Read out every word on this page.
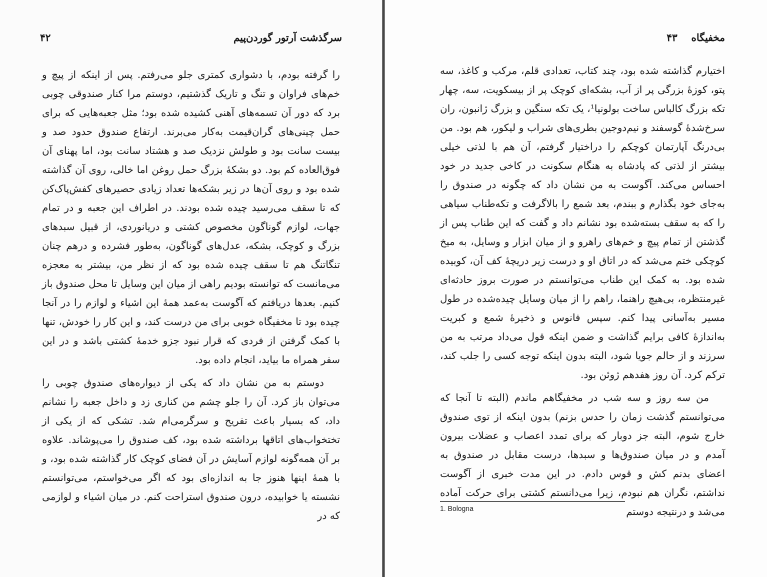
سرگذشت آرتور گوردن‌پیم
۴۲

را گرفته بودم، با دشواری کمتری جلو می‌رفتم. پس از اینکه از پیچ و خم‌های فراوان و تنگ و تاریک گذشتیم، دوستم مرا کنار صندوقی چوبی برد که دور آن تسمه‌های آهنی کشیده شده بود؛ مثل جعبه‌هایی که برای حمل چینی‌های گران‌قیمت به‌کار می‌برند. ارتفاع صندوق حدود صد و بیست سانت بود و طولش نزدیک صد و هشتاد سانت بود، اما پهنای آن فوق‌العاده کم بود. دو بشکهٔ بزرگ حمل روغن اما خالی، روی آن گذاشته شده بود و روی آن‌ها در زیر بشکه‌ها تعداد زیادی حصیرهای کفش‌پاک‌کن که تا سقف می‌رسید چیده شده بودند. در اطراف این جعبه و در تمام جهات، لوازم گوناگون مخصوص کشتی و دریانوردی، از قبیل سبدهای بزرگ و کوچک، بشکه، عدل‌های گوناگون، به‌طور فشرده و درهم چنان تنگاتنگ هم تا سقف چیده شده بود که از نظر من، بیشتر به معجزه می‌مانست که توانسته بودیم راهی از میان این وسایل تا محل صندوق باز کنیم. بعدها دریافتم که آگوست به‌عمد همهٔ این اشیاء و لوازم را در آنجا چیده بود تا مخفیگاه خوبی برای من درست کند، و این کار را خودش، تنها با کمک گرفتن از فردی که قرار نبود جزو خدمهٔ کشتی باشد و در این سفر همراه ما بیاید، انجام داده بود.

دوستم به من نشان داد که یکی از دیواره‌های صندوق چوبی را می‌توان باز کرد. آن را جلو چشم من کناری زد و داخل جعبه را نشانم داد، که بسیار باعث تفریح و سرگرمی‌ام شد. تشکی که از یکی از تختخواب‌های اتاقها برداشته شده بود، کف صندوق را می‌پوشاند. علاوه بر آن همه‌گونه لوازم آسایش در آن فضای کوچک کار گذاشته شده بود، و با همهٔ اینها هنوز جا به اندازه‌ای بود که اگر می‌خواستم، می‌توانستم نشسته یا خوابیده، درون صندوق استراحت کنم. در میان اشیاء و لوازمی که در

مخفیگاه    ۴۳

اختیارم گذاشته شده بود، چند کتاب، تعدادی قلم، مرکب و کاغذ، سه پتو، کوزهٔ بزرگی پر از آب، بشکه‌ای کوچک پر از بیسکویت، سه، چهار تکه بزرگ کالباس ساخت بولونیا¹، یک تکه سنگین و بزرگ ژانبون، ران سرخ‌شدهٔ گوسفند و نیم‌دوجین بطری‌های شراب و لیکور، هم بود. من بی‌درنگ آپارتمان کوچکم را دراختیار گرفتم، آن هم با لذتی خیلی بیشتر از لذتی که پادشاه به هنگام سکونت در کاخی جدید در خود احساس می‌کند. آگوست به من نشان داد که چگونه در صندوق را به‌جای خود بگذارم و ببندم، بعد شمع را بالاگرفت و تکه‌طناب سیاهی را که به سقف بسته‌شده بود نشانم داد و گفت که این طناب پس از گذشتن از تمام پیچ و خم‌های راهرو و از میان ابزار و وسایل، به میخ کوچکی ختم می‌شد که در اتاق او و درست زیر دریچهٔ کف آن، کوبیده شده بود. به کمک این طناب می‌توانستم در صورت بروز حادثه‌ای غیرمنتظره، بی‌هیچ راهنما، راهم را از میان وسایل چیده‌شده در طول مسیر به‌آسانی پیدا کنم. سپس فانوس و ذخیرهٔ شمع و کبریت به‌اندازهٔ کافی برایم گذاشت و ضمن اینکه قول می‌داد مرتب به من سرزند و از حالم جویا شود، البته بدون اینکه توجه کسی را جلب کند، ترکم کرد. آن روز هفدهم ژوئن بود.

من سه روز و سه شب در مخفیگاهم ماندم (البته تا آنجا که می‌توانستم گذشت زمان را حدس بزنم) بدون اینکه از توی صندوق خارج شوم، البته جز دوبار که برای تمدد اعصاب و عضلات بیرون آمدم و در میان صندوق‌ها و سبدها، درست مقابل در صندوق به اعضای بدنم کش و قوس دادم. در این مدت خبری از آگوست نداشتم، نگران هم نبودم، زیرا می‌دانستم کشتی برای حرکت آماده می‌شد و درنتیجه دوستم

1. Bologna
